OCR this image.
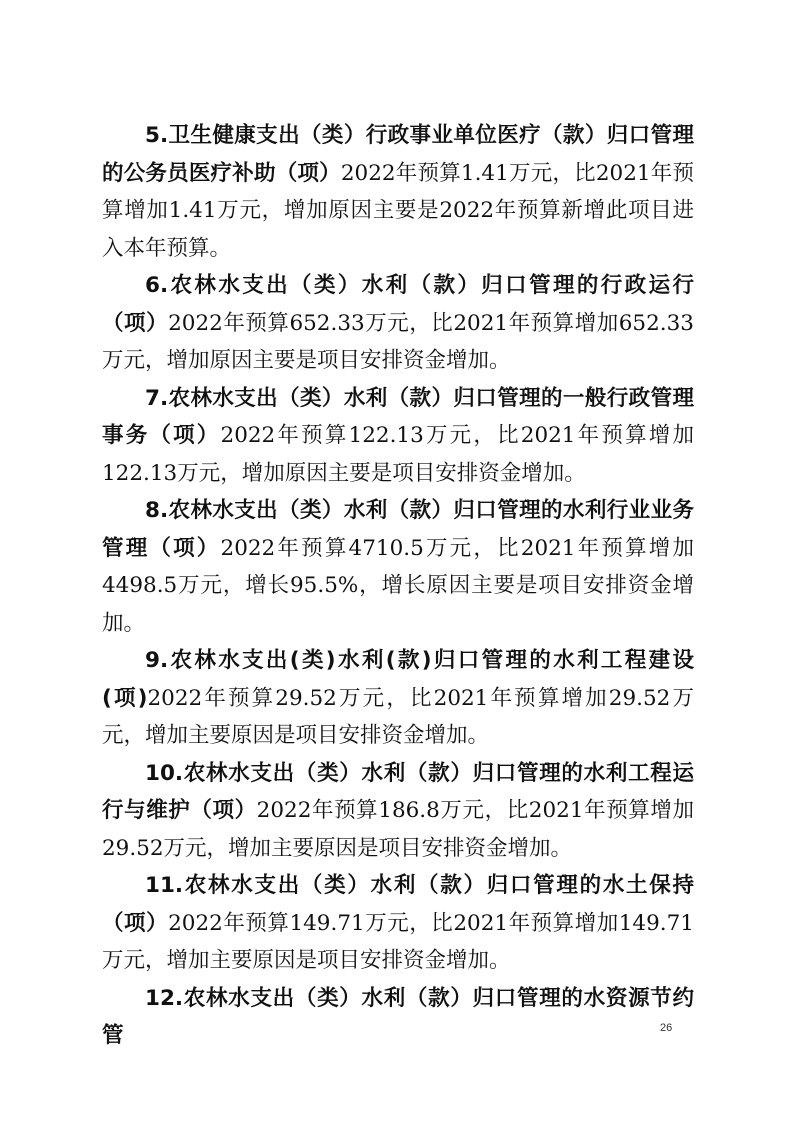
5.卫生健康支出（类）行政事业单位医疗（款）归口管理的公务员医疗补助（项）2022年预算1.41万元，比2021年预算增加1.41万元，增加原因主要是2022年预算新增此项目进入本年预算。

6.农林水支出（类）水利（款）归口管理的行政运行（项）2022年预算652.33万元，比2021年预算增加652.33万元，增加原因主要是项目安排资金增加。

7.农林水支出（类）水利（款）归口管理的一般行政管理事务（项）2022年预算122.13万元，比2021年预算增加122.13万元，增加原因主要是项目安排资金增加。

8.农林水支出（类）水利（款）归口管理的水利行业业务管理（项）2022年预算4710.5万元，比2021年预算增加4498.5万元，增长95.5%，增长原因主要是项目安排资金增加。

9.农林水支出(类)水利(款)归口管理的水利工程建设(项)2022年预算29.52万元，比2021年预算增加29.52万元，增加主要原因是项目安排资金增加。

10.农林水支出（类）水利（款）归口管理的水利工程运行与维护（项）2022年预算186.8万元，比2021年预算增加29.52万元，增加主要原因是项目安排资金增加。

11.农林水支出（类）水利（款）归口管理的水土保持（项）2022年预算149.71万元，比2021年预算增加149.71万元，增加主要原因是项目安排资金增加。

12.农林水支出（类）水利（款）归口管理的水资源节约管	26
